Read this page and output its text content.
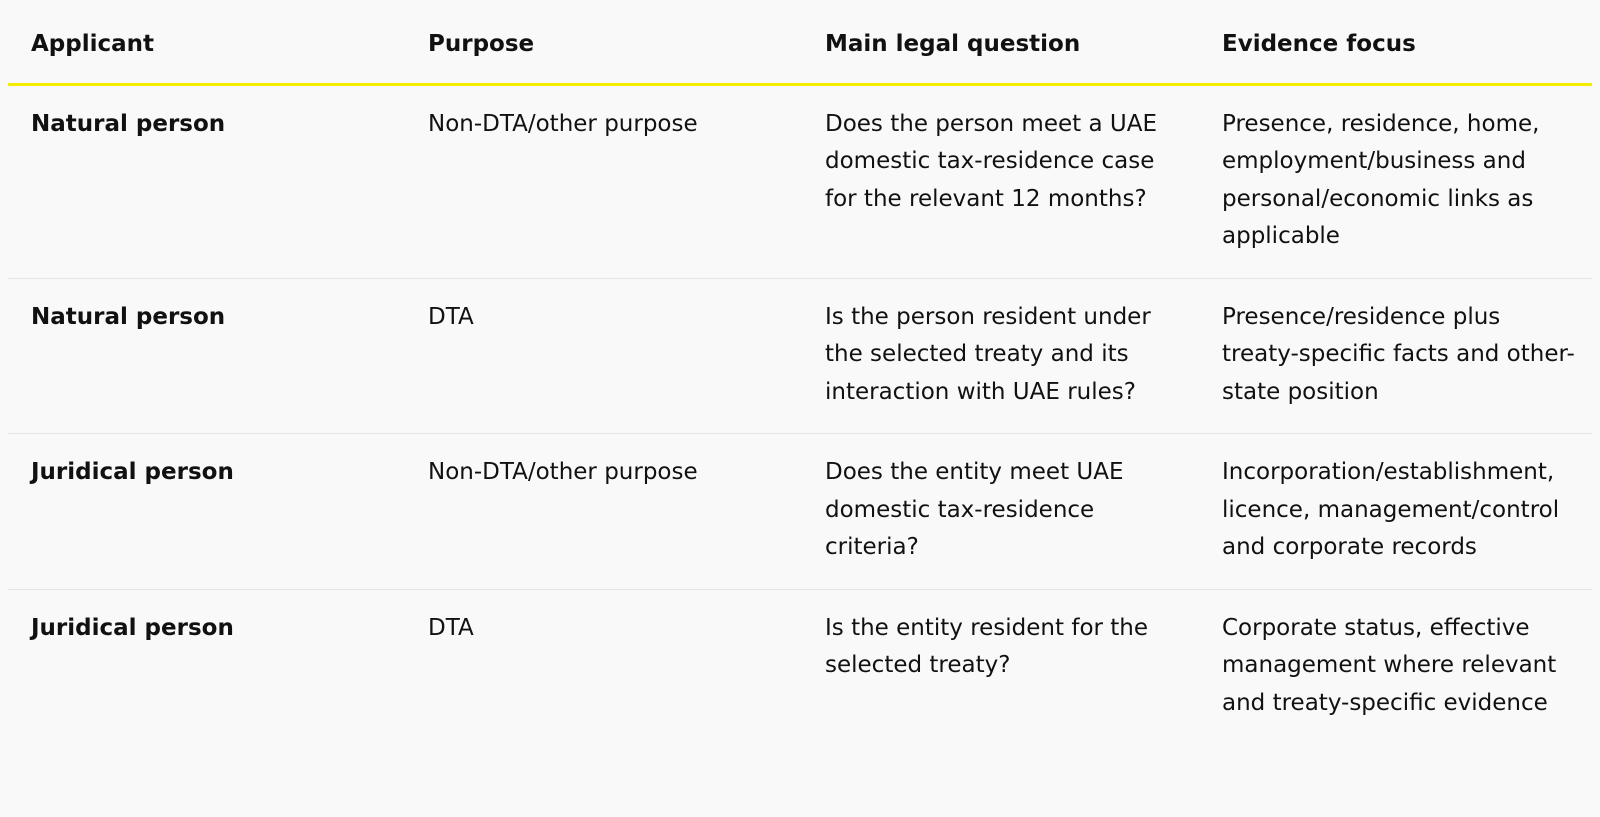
Applicant	Purpose	Main legal question	Evidence focus
Natural person	Non-DTA/other purpose	Does the person meet a UAE domestic tax-residence case for the relevant 12 months?	Presence, residence, home, employment/business and personal/economic links as applicable
Natural person	DTA	Is the person resident under the selected treaty and its interaction with UAE rules?	Presence/residence plus treaty-specific facts and other-state position
Juridical person	Non-DTA/other purpose	Does the entity meet UAE domestic tax-residence criteria?	Incorporation/establishment, licence, management/control and corporate records
Juridical person	DTA	Is the entity resident for the selected treaty?	Corporate status, effective management where relevant and treaty-specific evidence
